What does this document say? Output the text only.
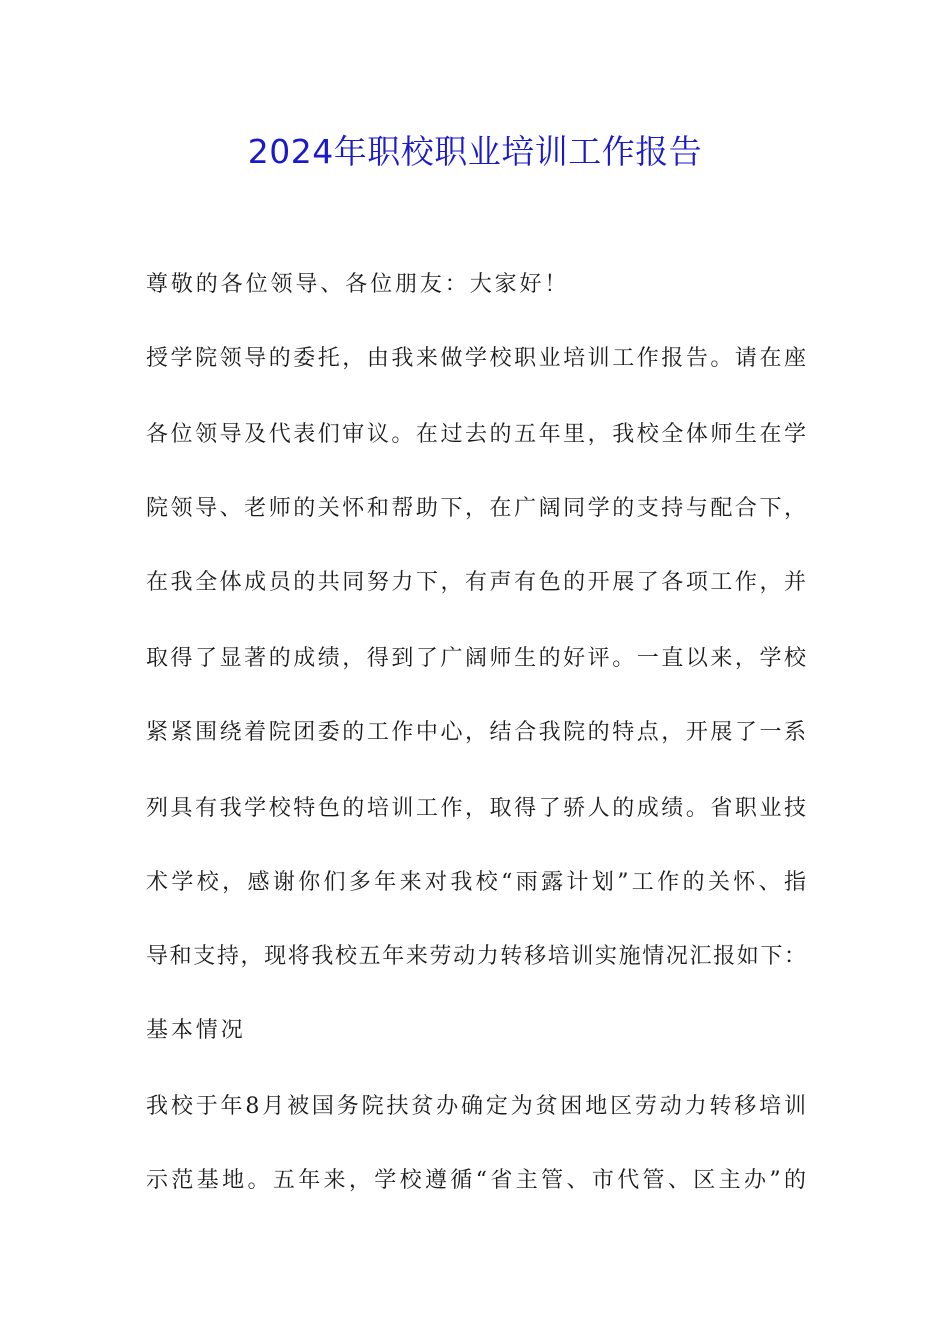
2024年职校职业培训工作报告
尊敬的各位领导、各位朋友：大家好！
授学院领导的委托，由我来做学校职业培训工作报告。请在座
各位领导及代表们审议。在过去的五年里，我校全体师生在学
院领导、老师的关怀和帮助下，在广阔同学的支持与配合下，
在我全体成员的共同努力下，有声有色的开展了各项工作，并
取得了显著的成绩，得到了广阔师生的好评。一直以来，学校
紧紧围绕着院团委的工作中心，结合我院的特点，开展了一系
列具有我学校特色的培训工作，取得了骄人的成绩。省职业技
术学校，感谢你们多年来对我校“雨露计划”工作的关怀、指
导和支持，现将我校五年来劳动力转移培训实施情况汇报如下：
基本情况
我校于年8月被国务院扶贫办确定为贫困地区劳动力转移培训
示范基地。五年来，学校遵循“省主管、市代管、区主办”的
